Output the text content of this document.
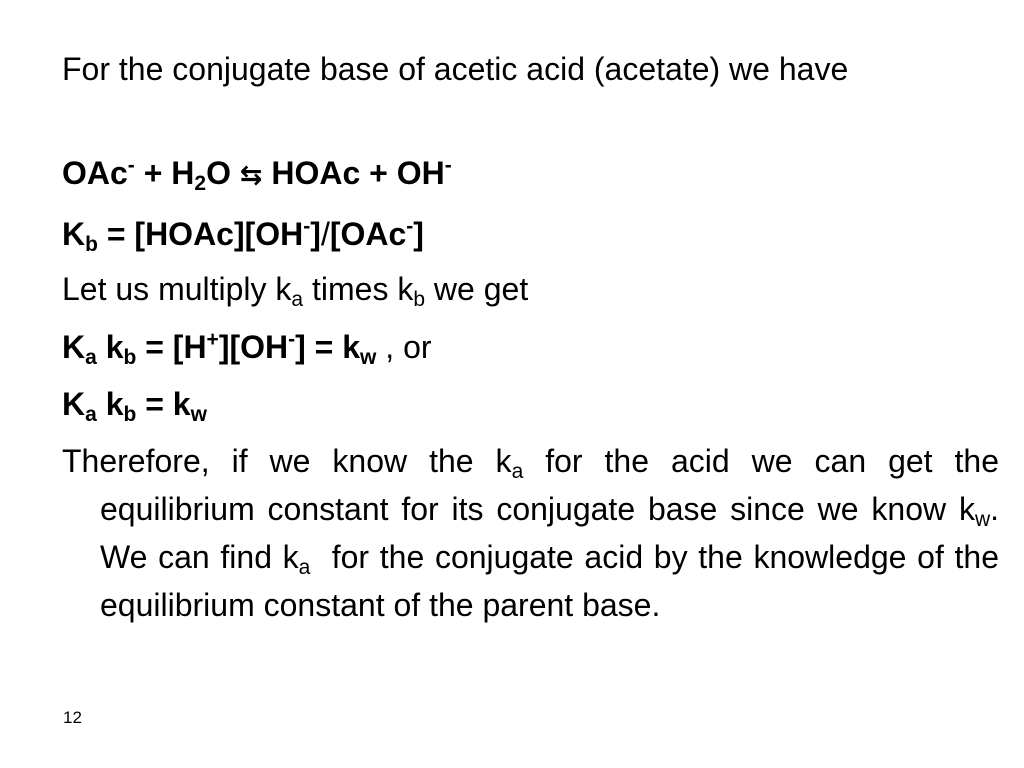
For the conjugate base of acetic acid (acetate) we have

$OAc^- + H_2O$ ⇆ HOAc + OH-

$K_b$ = [HOAc][OH-]/[OAc-]

Let us multiply $k_a$ times $k_b$ we get

$K_a$ $k_b = [H^+][OH^-] = k_w$ , or

$K_a$ $k_b = k_w$

Therefore, if we know the $k_a$ for the acid we can get the equilibrium constant for its conjugate base since we know $k_w$. We can find $k_a$ for the conjugate acid by the knowledge of the equilibrium constant of the parent base.

12
